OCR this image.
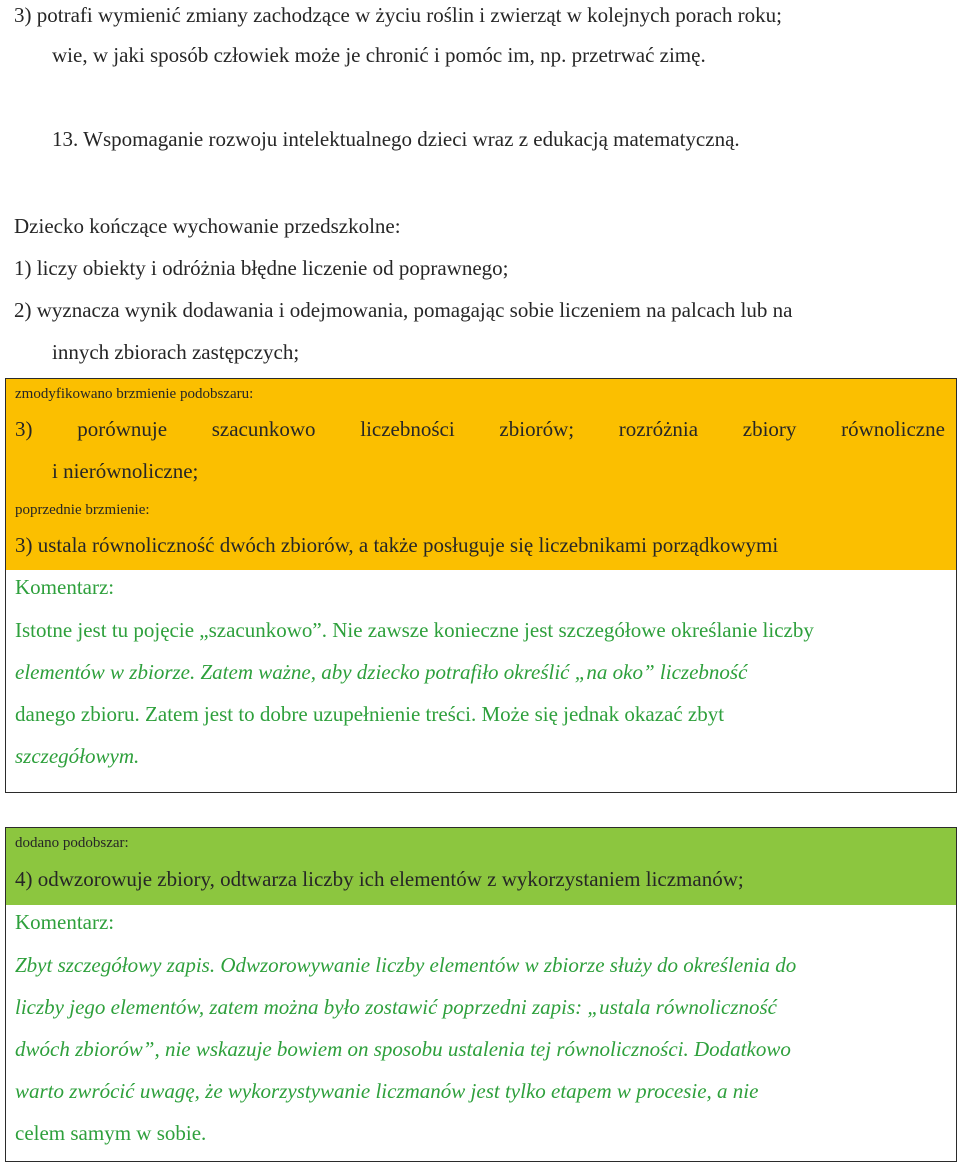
3) potrafi wymienić zmiany zachodzące w życiu roślin i zwierząt w kolejnych porach roku;
wie, w jaki sposób człowiek może je chronić i pomóc im, np. przetrwać zimę.
13. Wspomaganie rozwoju intelektualnego dzieci wraz z edukacją matematyczną.
Dziecko kończące wychowanie przedszkolne:
1) liczy obiekty i odróżnia błędne liczenie od poprawnego;
2) wyznacza wynik dodawania i odejmowania, pomagając sobie liczeniem na palcach lub na
innych zbiorach zastępczych;
zmodyfikowano brzmienie podobszaru:
3) porównuje szacunkowo liczebności zbiorów; rozróżnia zbiory równoliczne
i nierównoliczne;
poprzednie brzmienie:
3) ustala równoliczność dwóch zbiorów, a także posługuje się liczebnikami porządkowymi
Komentarz:
Istotne jest tu pojęcie „szacunkowo”. Nie zawsze konieczne jest szczegółowe określanie liczby
elementów w zbiorze. Zatem ważne, aby dziecko potrafiło określić „na oko” liczebność
danego zbioru. Zatem jest to dobre uzupełnienie treści. Może się jednak okazać zbyt
szczegółowym.
dodano podobszar:
4) odwzorowuje zbiory, odtwarza liczby ich elementów z wykorzystaniem liczmanów;
Komentarz:
Zbyt szczegółowy zapis. Odwzorowywanie liczby elementów w zbiorze służy do określenia do
liczby jego elementów, zatem można było zostawić poprzedni zapis: „ustala równoliczność
dwóch zbiorów”, nie wskazuje bowiem on sposobu ustalenia tej równoliczności. Dodatkowo
warto zwrócić uwagę, że wykorzystywanie liczmanów jest tylko etapem w procesie, a nie
celem samym w sobie.
